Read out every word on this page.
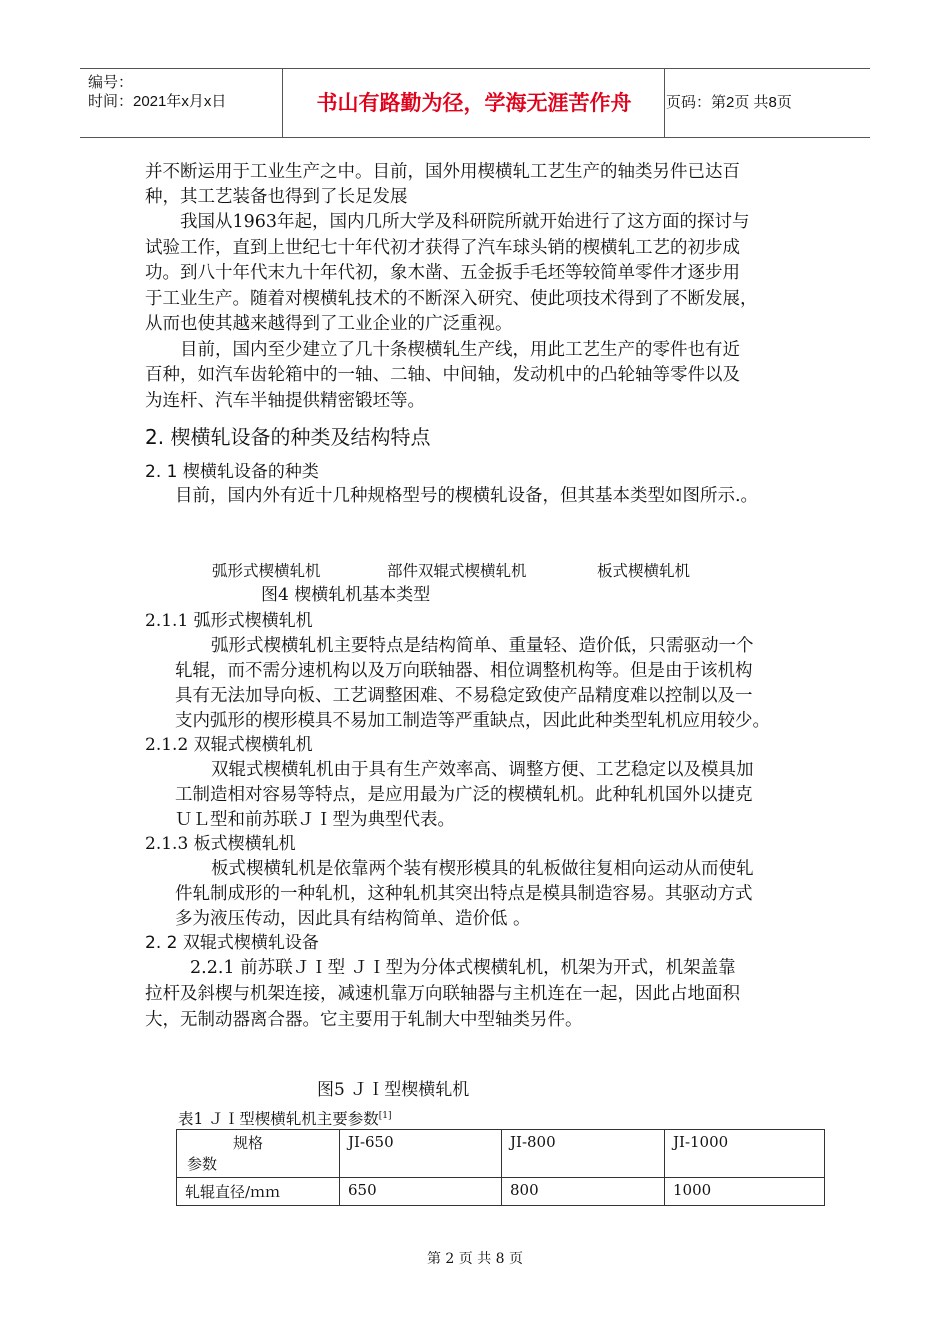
编号：
时间：2021年x月x日	书山有路勤为径，学海无涯苦作舟	页码：第2页 共8页
并不断运用于工业生产之中。目前，国外用楔横轧工艺生产的轴类另件已达百
种，其工艺装备也得到了长足发展
我国从1963年起，国内几所大学及科研院所就开始进行了这方面的探讨与
试验工作，直到上世纪七十年代初才获得了汽车球头销的楔横轧工艺的初步成
功。到八十年代末九十年代初，象木凿、五金扳手毛坯等较简单零件才逐步用
于工业生产。随着对楔横轧技术的不断深入研究、使此项技术得到了不断发展，
从而也使其越来越得到了工业企业的广泛重视。
目前，国内至少建立了几十条楔横轧生产线，用此工艺生产的零件也有近
百种，如汽车齿轮箱中的一轴、二轴、中间轴，发动机中的凸轮轴等零件以及
为连杆、汽车半轴提供精密锻坯等。
2. 楔横轧设备的种类及结构特点
2. 1 楔横轧设备的种类
目前，国内外有近十几种规格型号的楔横轧设备，但其基本类型如图所示.。
弧形式楔横轧机	部件双辊式楔横轧机	板式楔横轧机
图4 楔横轧机基本类型
2.1.1 弧形式楔横轧机
弧形式楔横轧机主要特点是结构简单、重量轻、造价低，只需驱动一个
轧辊，而不需分速机构以及万向联轴器、相位调整机构等。但是由于该机构
具有无法加导向板、工艺调整困难、不易稳定致使产品精度难以控制以及一
支内弧形的楔形模具不易加工制造等严重缺点，因此此种类型轧机应用较少。
2.1.2 双辊式楔横轧机
双辊式楔横轧机由于具有生产效率高、调整方便、工艺稳定以及模具加
工制造相对容易等特点，是应用最为广泛的楔横轧机。此种轧机国外以捷克
ＵＬ型和前苏联ＪＩ型为典型代表。
2.1.3 板式楔横轧机
板式楔横轧机是依靠两个装有楔形模具的轧板做往复相向运动从而使轧
件轧制成形的一种轧机，这种轧机其突出特点是模具制造容易。其驱动方式
多为液压传动，因此具有结构简单、造价低 。
2. 2 双辊式楔横轧设备
2.2.1 前苏联ＪＩ型 ＪＩ型为分体式楔横轧机，机架为开式，机架盖靠
拉杆及斜楔与机架连接，减速机靠万向联轴器与主机连在一起，因此占地面积
大，无制动器离合器。它主要用于轧制大中型轴类另件。
图5 ＪＩ型楔横轧机
表1 ＪＩ型楔横轧机主要参数[1]
规格
参数	JI-650	JI-800	JI-1000
轧辊直径/ｍｍ	650	800	1000
第 2 页 共 8 页
